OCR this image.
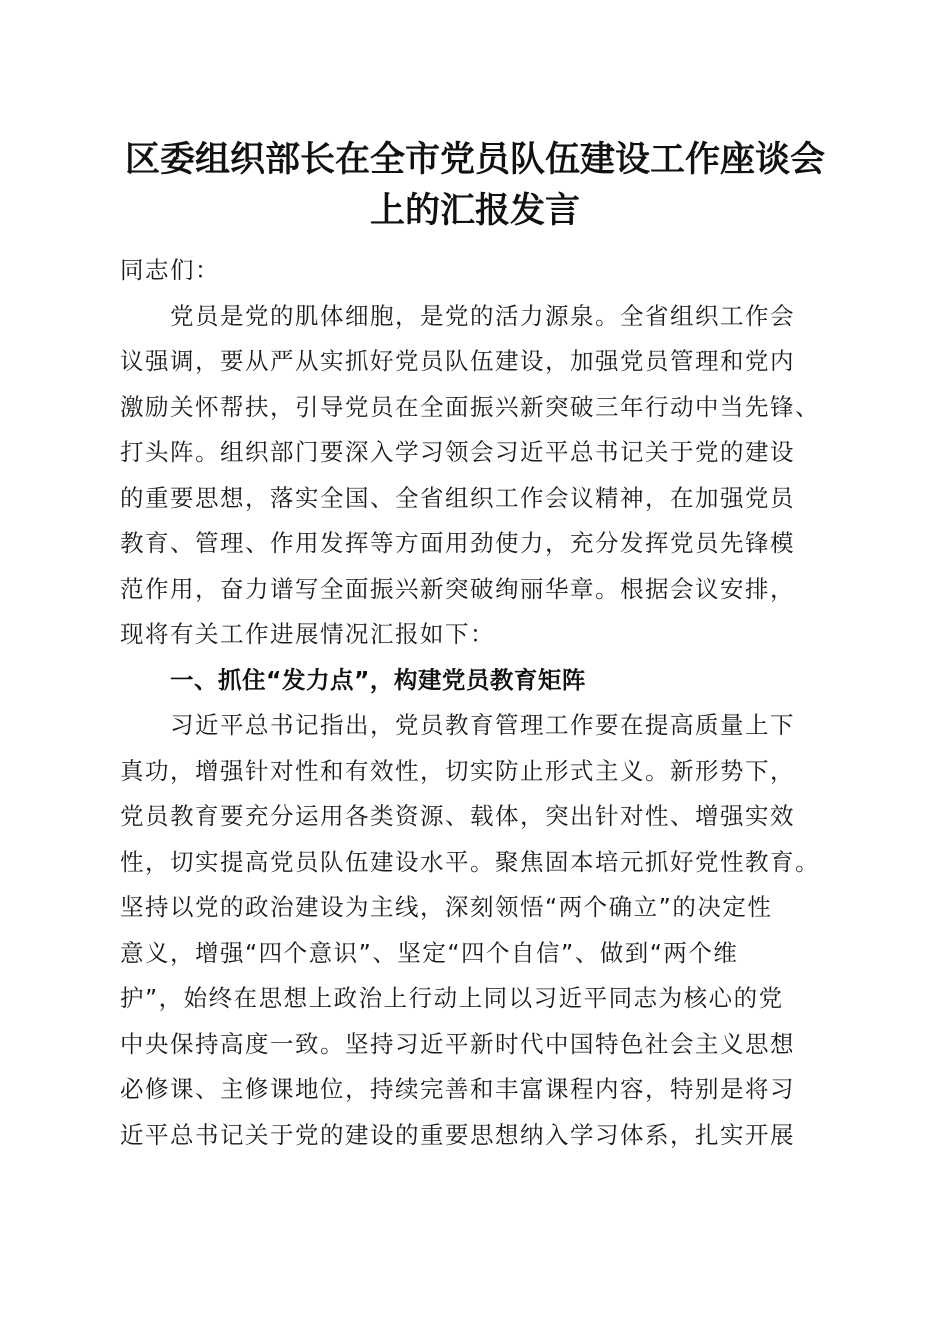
区委组织部长在全市党员队伍建设工作座谈会
上的汇报发言
同志们：
党员是党的肌体细胞，是党的活力源泉。全省组织工作会
议强调，要从严从实抓好党员队伍建设，加强党员管理和党内
激励关怀帮扶，引导党员在全面振兴新突破三年行动中当先锋、
打头阵。组织部门要深入学习领会习近平总书记关于党的建设
的重要思想，落实全国、全省组织工作会议精神，在加强党员
教育、管理、作用发挥等方面用劲使力，充分发挥党员先锋模
范作用，奋力谱写全面振兴新突破绚丽华章。根据会议安排，
现将有关工作进展情况汇报如下：
一、抓住“发力点”，构建党员教育矩阵
习近平总书记指出，党员教育管理工作要在提高质量上下
真功，增强针对性和有效性，切实防止形式主义。新形势下，
党员教育要充分运用各类资源、载体，突出针对性、增强实效
性，切实提高党员队伍建设水平。聚焦固本培元抓好党性教育。
坚持以党的政治建设为主线，深刻领悟“两个确立”的决定性
意义，增强“四个意识”、坚定“四个自信”、做到“两个维
护”，始终在思想上政治上行动上同以习近平同志为核心的党
中央保持高度一致。坚持习近平新时代中国特色社会主义思想
必修课、主修课地位，持续完善和丰富课程内容，特别是将习
近平总书记关于党的建设的重要思想纳入学习体系，扎实开展
